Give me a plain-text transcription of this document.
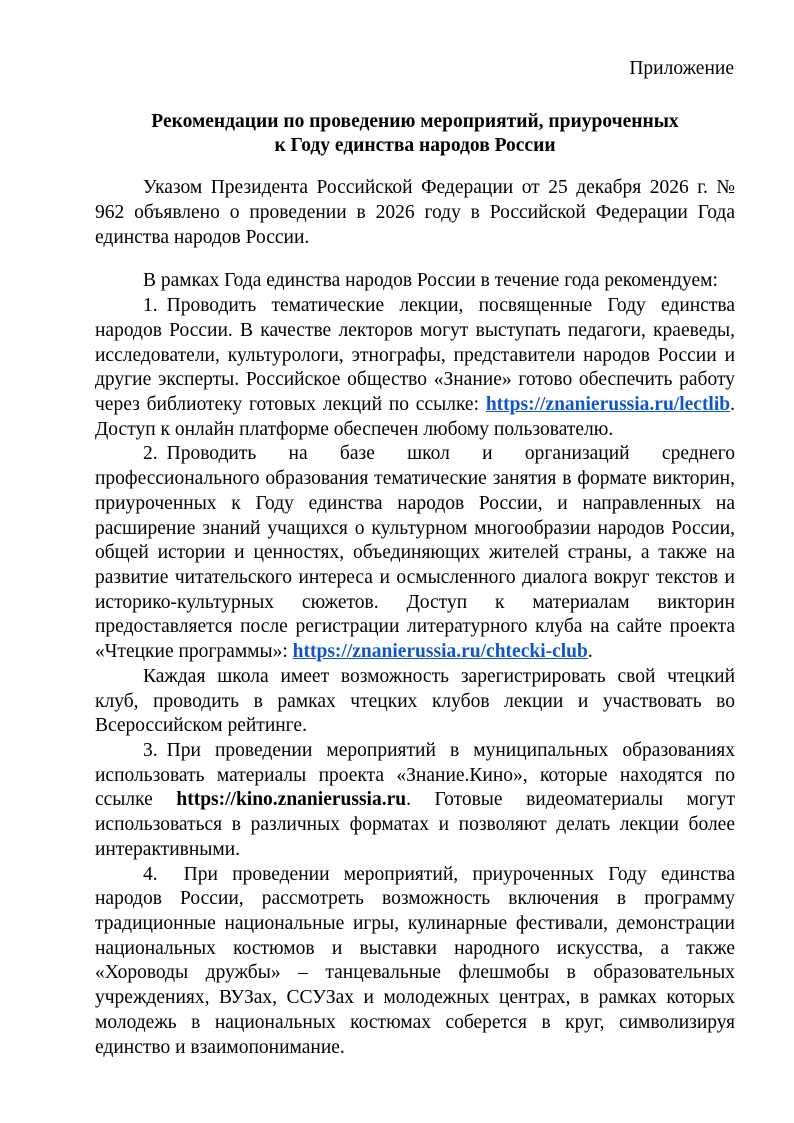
Приложение
Рекомендации по проведению мероприятий, приуроченных
к Году единства народов России

Указом Президента Российской Федерации от 25 декабря 2026 г. № 962 объявлено о проведении в 2026 году в Российской Федерации Года единства народов России.

В рамках Года единства народов России в течение года рекомендуем:

1. Проводить тематические лекции, посвященные Году единства народов России. В качестве лекторов могут выступать педагоги, краеведы, исследователи, культурологи, этнографы, представители народов России и другие эксперты. Российское общество «Знание» готово обеспечить работу через библиотеку готовых лекций по ссылке: https://znanierussia.ru/lectlib. Доступ к онлайн платформе обеспечен любому пользователю.

2. Проводить на базе школ и организаций среднего профессионального образования тематические занятия в формате викторин, приуроченных к Году единства народов России, и направленных на расширение знаний учащихся о культурном многообразии народов России, общей истории и ценностях, объединяющих жителей страны, а также на развитие читательского интереса и осмысленного диалога вокруг текстов и историко-культурных сюжетов. Доступ к материалам викторин предоставляется после регистрации литературного клуба на сайте проекта «Чтецкие программы»: https://znanierussia.ru/chtecki-club.

Каждая школа имеет возможность зарегистрировать свой чтецкий клуб, проводить в рамках чтецких клубов лекции и участвовать во Всероссийском рейтинге.

3. При проведении мероприятий в муниципальных образованиях использовать материалы проекта «Знание.Кино», которые находятся по ссылке https://kino.znanierussia.ru. Готовые видеоматериалы могут использоваться в различных форматах и позволяют делать лекции более интерактивными.

4. При проведении мероприятий, приуроченных Году единства народов России, рассмотреть возможность включения в программу традиционные национальные игры, кулинарные фестивали, демонстрации национальных костюмов и выставки народного искусства, а также «Хороводы дружбы» – танцевальные флешмобы в образовательных учреждениях, ВУЗах, ССУЗах и молодежных центрах, в рамках которых молодежь в национальных костюмах соберется в круг, символизируя единство и взаимопонимание.
